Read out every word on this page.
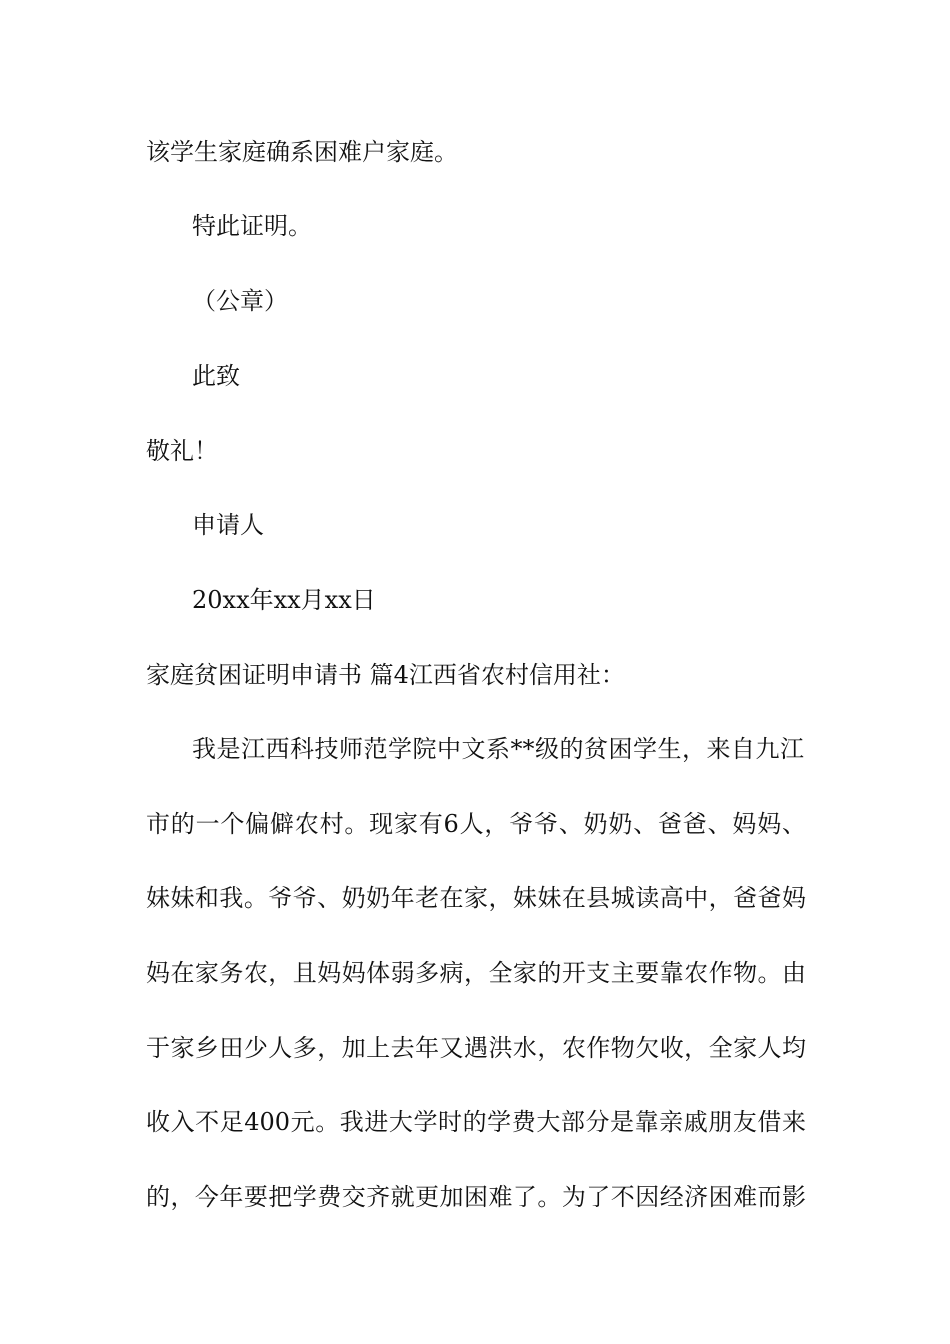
该学生家庭确系困难户家庭。
特此证明。
（公章）
此致
敬礼！
申请人
20xx年xx月xx日
家庭贫困证明申请书 篇4江西省农村信用社：
我是江西科技师范学院中文系**级的贫困学生，来自九江
市的一个偏僻农村。现家有6人，爷爷、奶奶、爸爸、妈妈、
妹妹和我。爷爷、奶奶年老在家，妹妹在县城读高中，爸爸妈
妈在家务农，且妈妈体弱多病，全家的开支主要靠农作物。由
于家乡田少人多，加上去年又遇洪水，农作物欠收，全家人均
收入不足400元。我进大学时的学费大部分是靠亲戚朋友借来
的，今年要把学费交齐就更加困难了。为了不因经济困难而影
